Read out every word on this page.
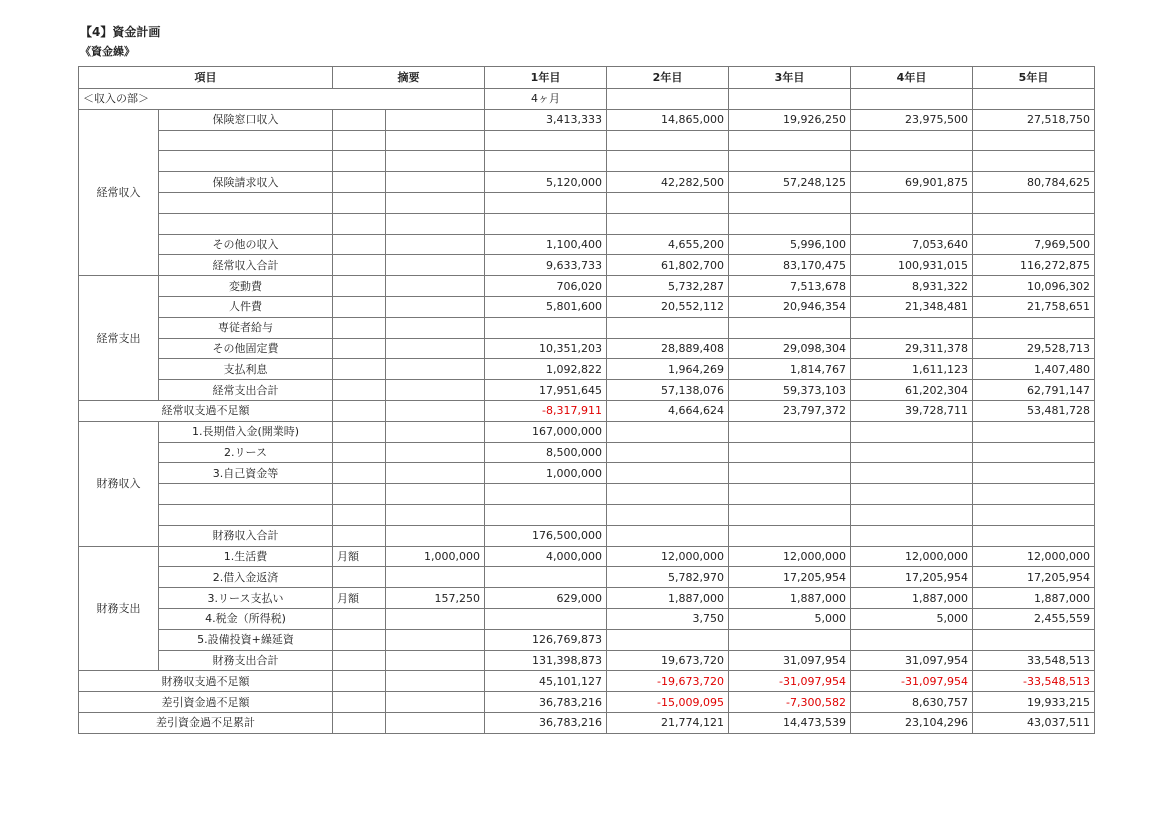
【4】資金計画
《資金繰》
項目		摘要		1年目	2年目	3年目	4年目	5年目
＜収入の部＞				4ヶ月				
経常収入	保険窓口収入			3,413,333	14,865,000	19,926,250	23,975,500	27,518,750

	保険請求収入			5,120,000	42,282,500	57,248,125	69,901,875	80,784,625

	その他の収入			1,100,400	4,655,200	5,996,100	7,053,640	7,969,500
	経常収入合計			9,633,733	61,802,700	83,170,475	100,931,015	116,272,875
経常支出	変動費			706,020	5,732,287	7,513,678	8,931,322	10,096,302
	人件費			5,801,600	20,552,112	20,946,354	21,348,481	21,758,651
	専従者給与							
	その他固定費			10,351,203	28,889,408	29,098,304	29,311,378	29,528,713
	支払利息			1,092,822	1,964,269	1,814,767	1,611,123	1,407,480
	経常支出合計			17,951,645	57,138,076	59,373,103	61,202,304	62,791,147
経常収支過不足額				-8,317,911	4,664,624	23,797,372	39,728,711	53,481,728
財務収入	1.長期借入金(開業時)			167,000,000				
	2.リース			8,500,000				
	3.自己資金等			1,000,000				

	財務収入合計			176,500,000				
財務支出	1.生活費	月額	1,000,000	4,000,000	12,000,000	12,000,000	12,000,000	12,000,000
	2.借入金返済				5,782,970	17,205,954	17,205,954	17,205,954
	3.リース支払い	月額	157,250	629,000	1,887,000	1,887,000	1,887,000	1,887,000
	4.税金（所得税)				3,750	5,000	5,000	2,455,559
	5.設備投資+繰延資			126,769,873				
	財務支出合計			131,398,873	19,673,720	31,097,954	31,097,954	33,548,513
財務収支過不足額				45,101,127	-19,673,720	-31,097,954	-31,097,954	-33,548,513
差引資金過不足額				36,783,216	-15,009,095	-7,300,582	8,630,757	19,933,215
差引資金過不足累計				36,783,216	21,774,121	14,473,539	23,104,296	43,037,511
